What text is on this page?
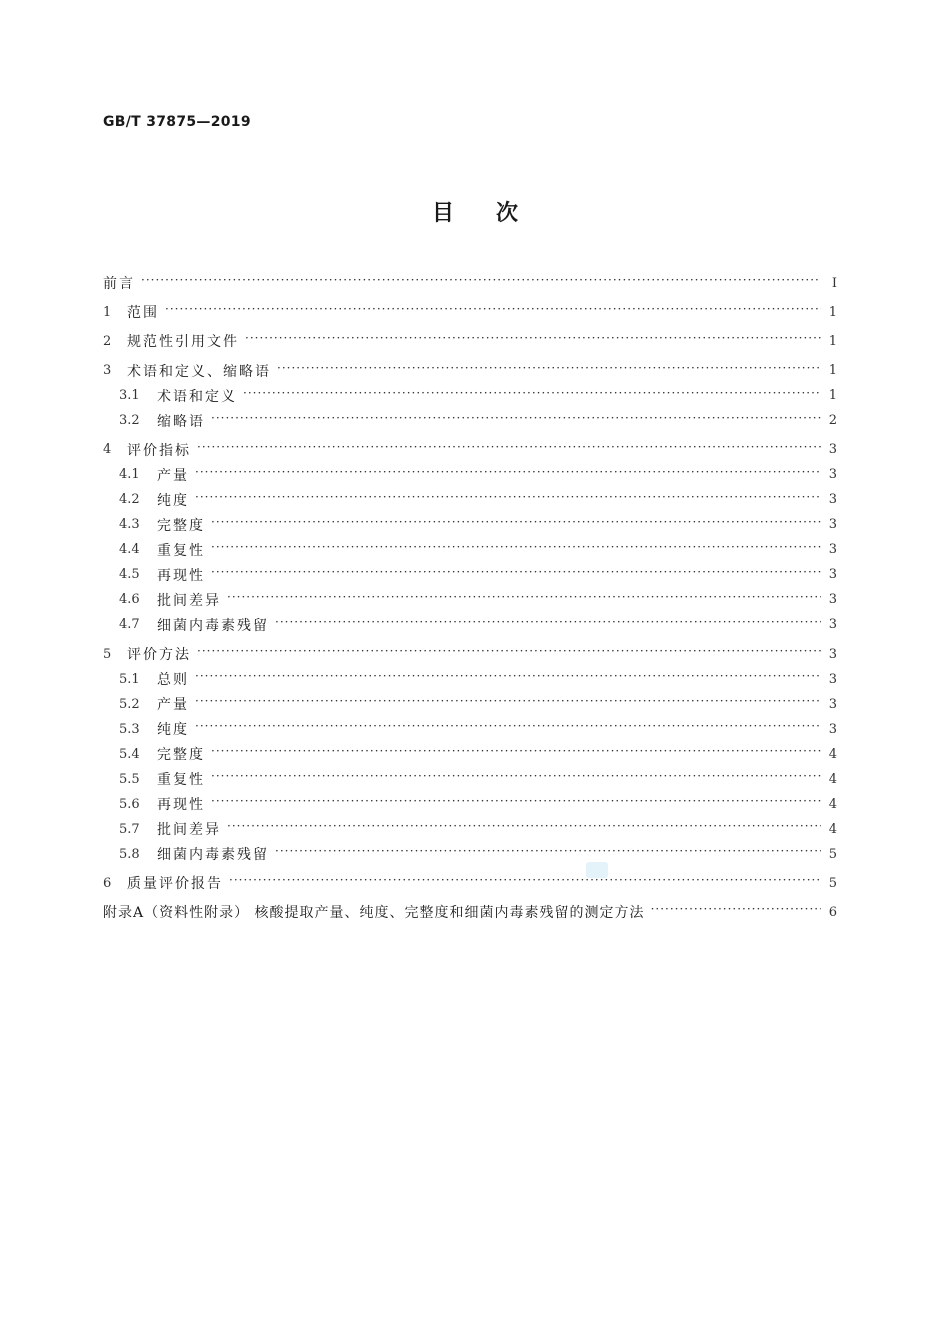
GB/T 37875—2019
目 次
前言 ·····	Ⅰ
1	范围 ·····	1
2	规范性引用文件 ·····	1
3	术语和定义、缩略语 ·····	1
3.1	术语和定义 ·····	1
3.2	缩略语 ·····	2
4	评价指标 ·····	3
4.1	产量 ·····	3
4.2	纯度 ·····	3
4.3	完整度 ·····	3
4.4	重复性 ·····	3
4.5	再现性 ·····	3
4.6	批间差异 ·····	3
4.7	细菌内毒素残留 ·····	3
5	评价方法 ·····	3
5.1	总则 ·····	3
5.2	产量 ·····	3
5.3	纯度 ·····	3
5.4	完整度 ·····	4
5.5	重复性 ·····	4
5.6	再现性 ·····	4
5.7	批间差异 ·····	4
5.8	细菌内毒素残留 ·····	5
6	质量评价报告 ·····	5
附录A（资料性附录） 核酸提取产量、纯度、完整度和细菌内毒素残留的测定方法 ·····	6
